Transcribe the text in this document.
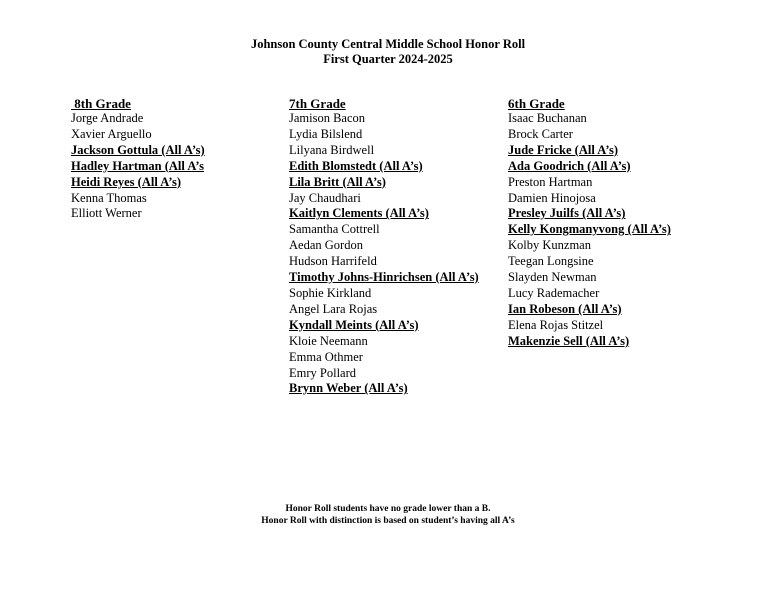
Johnson County Central Middle School Honor Roll
First Quarter 2024-2025
8th Grade
Jorge Andrade
Xavier Arguello
Jackson Gottula (All A’s)
Hadley Hartman (All A’s
Heidi Reyes (All A’s)
Kenna Thomas
Elliott Werner
7th Grade
Jamison Bacon
Lydia Bilslend
Lilyana Birdwell
Edith Blomstedt (All A’s)
Lila Britt (All A’s)
Jay Chaudhari
Kaitlyn Clements (All A’s)
Samantha Cottrell
Aedan Gordon
Hudson Harrifeld
Timothy Johns-Hinrichsen (All A’s)
Sophie Kirkland
Angel Lara Rojas
Kyndall Meints (All A’s)
Kloie Neemann
Emma Othmer
Emry Pollard
Brynn Weber (All A’s)
6th Grade
Isaac Buchanan
Brock Carter
Jude Fricke (All A’s)
Ada Goodrich (All A’s)
Preston Hartman
Damien Hinojosa
Presley Juilfs (All A’s)
Kelly Kongmanyvong (All A’s)
Kolby Kunzman
Teegan Longsine
Slayden Newman
Lucy Rademacher
Ian Robeson (All A’s)
Elena Rojas Stitzel
Makenzie Sell (All A’s)
Honor Roll students have no grade lower than a B.
Honor Roll with distinction is based on student’s having all A’s
